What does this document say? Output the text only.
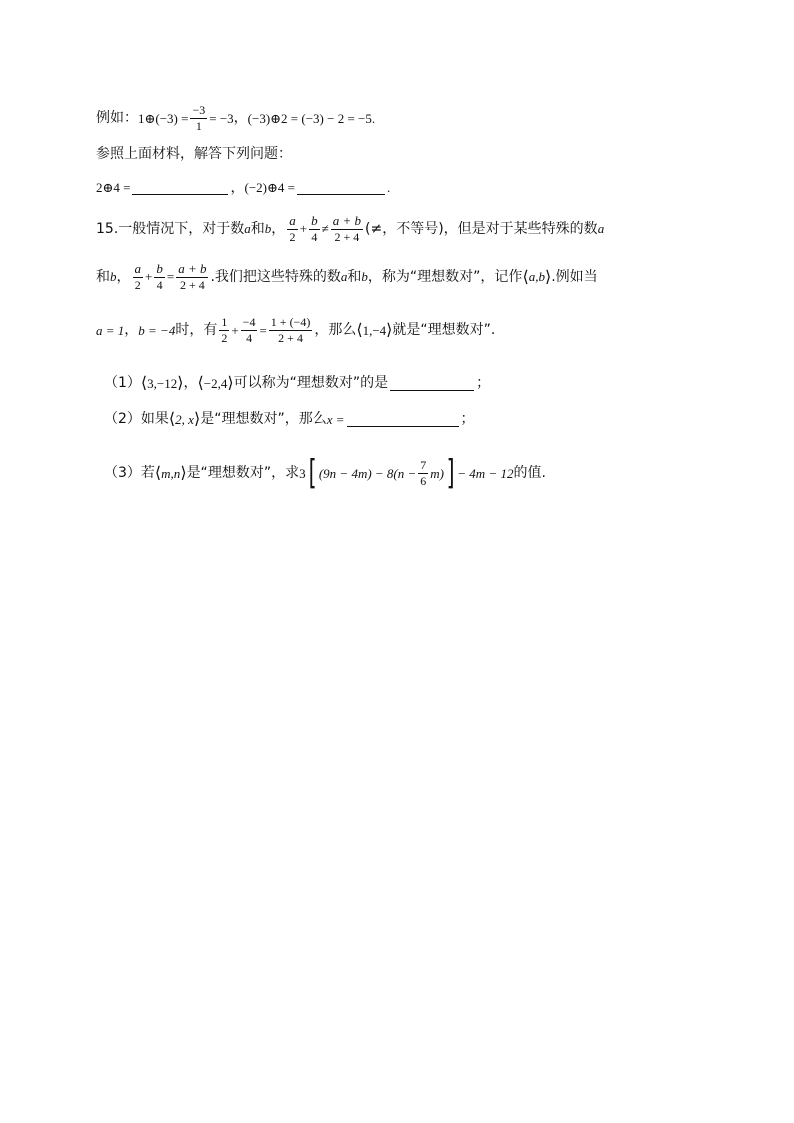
例如： 1⊕(−3) = $\frac{-3}{1} = -3$ ， (−3)⊕2 = (−3) − 2 = −5 .
参照上面材料，解答下列问题：
2⊕4 =	， (−2)⊕4 =	.
15.一般情况下，对于数 a 和 b ， $\frac{a}{2} + \frac{b}{4} \ne \frac{a + b}{2 + 4}$ (≠，不等号)，但是对于某些特殊的数 a
和 b ， $\frac{a}{2} + \frac{b}{4} = \frac{a + b}{2 + 4}$ .我们把这些特殊的数 a 和 b ，称为“理想数对”，记作 ⟨ a,b ⟩ .例如当
a = 1 ， b = −4 时，有 $\frac{1}{2} + \frac{-4}{4} = \frac{1 + (-4)}{2 + 4}$ ，那么 ⟨ 1,−4 ⟩ 就是“理想数对”.
（1） ⟨ 3,−12 ⟩ ， ⟨ −2,4 ⟩ 可以称为“理想数对”的是	；
（2）如果 ⟨ 2, x ⟩ 是“理想数对”，那么 x =	；
（3）若 ⟨ m,n ⟩ 是“理想数对”，求 3 [ $(9n - 4m) - 8(n - \frac{7}{6} m)$ ] − 4m − 12 的值.
